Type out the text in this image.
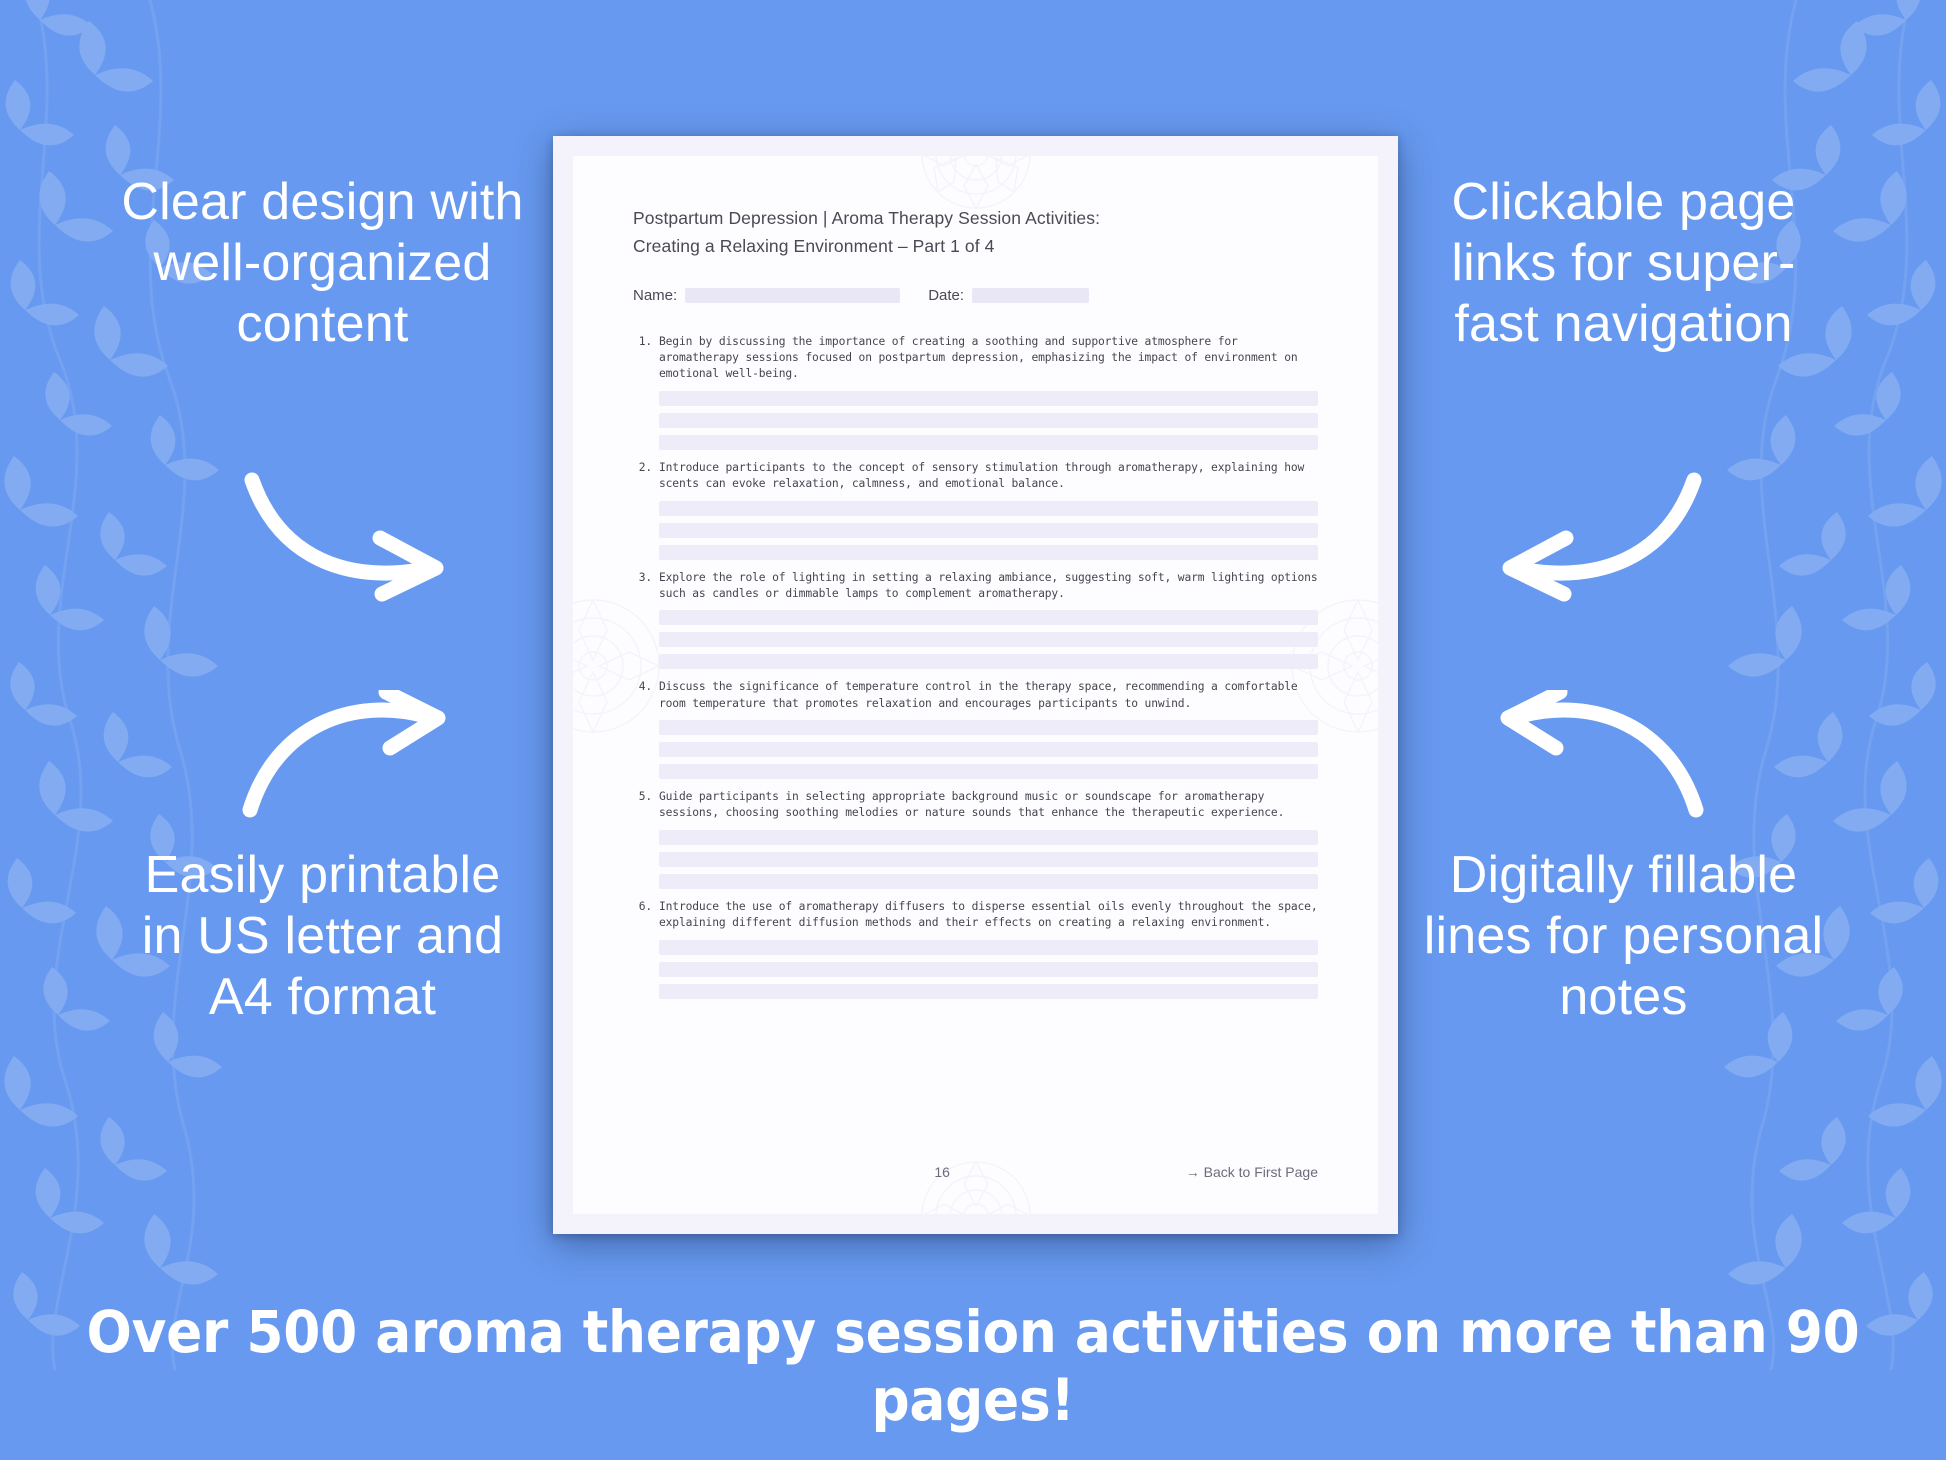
Clear design with well-organized content
Easily printable in US letter and A4 format
Clickable page links for super-fast navigation
Digitally fillable lines for personal notes
Postpartum Depression | Aroma Therapy Session Activities:
Creating a Relaxing Environment – Part 1 of 4
Name:	Date:
1. Begin by discussing the importance of creating a soothing and supportive atmosphere for aromatherapy sessions focused on postpartum depression, emphasizing the impact of environment on emotional well-being.
2. Introduce participants to the concept of sensory stimulation through aromatherapy, explaining how scents can evoke relaxation, calmness, and emotional balance.
3. Explore the role of lighting in setting a relaxing ambiance, suggesting soft, warm lighting options such as candles or dimmable lamps to complement aromatherapy.
4. Discuss the significance of temperature control in the therapy space, recommending a comfortable room temperature that promotes relaxation and encourages participants to unwind.
5. Guide participants in selecting appropriate background music or soundscape for aromatherapy sessions, choosing soothing melodies or nature sounds that enhance the therapeutic experience.
6. Introduce the use of aromatherapy diffusers to disperse essential oils evenly throughout the space, explaining different diffusion methods and their effects on creating a relaxing environment.
16	→ Back to First Page
Over 500 aroma therapy session activities on more than 90 pages!
